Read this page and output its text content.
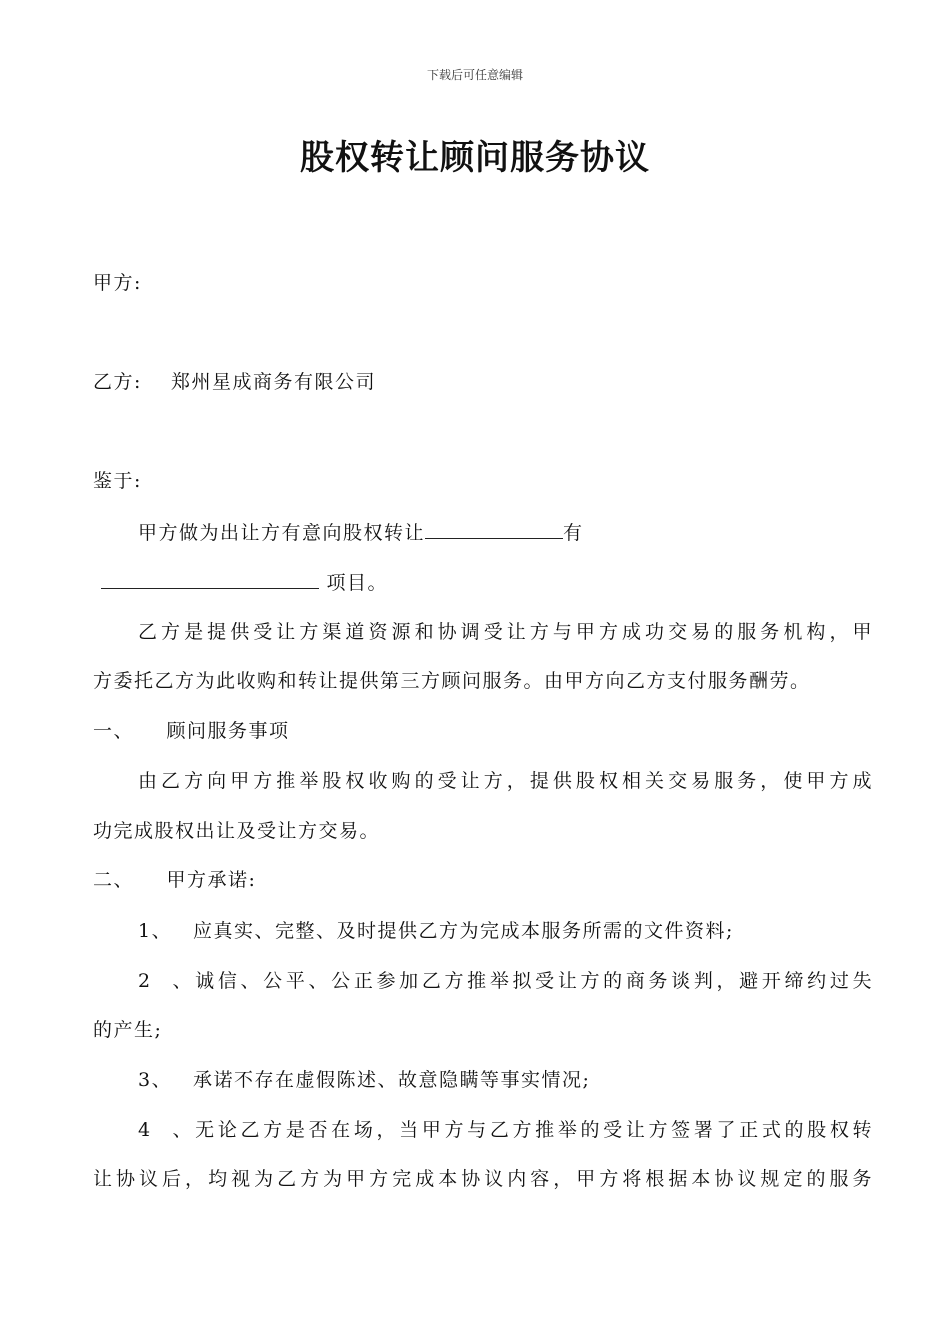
下载后可任意编辑
股权转让顾问服务协议
甲方:
乙方: 郑州星成商务有限公司
鉴于:
甲方做为出让方有意向股权转让	有
项目。
乙方是提供受让方渠道资源和协调受让方与甲方成功交易的服务机构，甲
方委托乙方为此收购和转让提供第三方顾问服务。由甲方向乙方支付服务酬劳。
一、 顾问服务事项
由乙方向甲方推举股权收购的受让方，提供股权相关交易服务，使甲方成
功完成股权出让及受让方交易。
二、 甲方承诺:
1、 应真实、完整、及时提供乙方为完成本服务所需的文件资料;
2、诚信、公平、公正参加乙方推举拟受让方的商务谈判，避开缔约过失
的产生;
3、 承诺不存在虚假陈述、故意隐瞒等事实情况;
4、无论乙方是否在场，当甲方与乙方推举的受让方签署了正式的股权转
让协议后，均视为乙方为甲方完成本协议内容，甲方将根据本协议规定的服务
